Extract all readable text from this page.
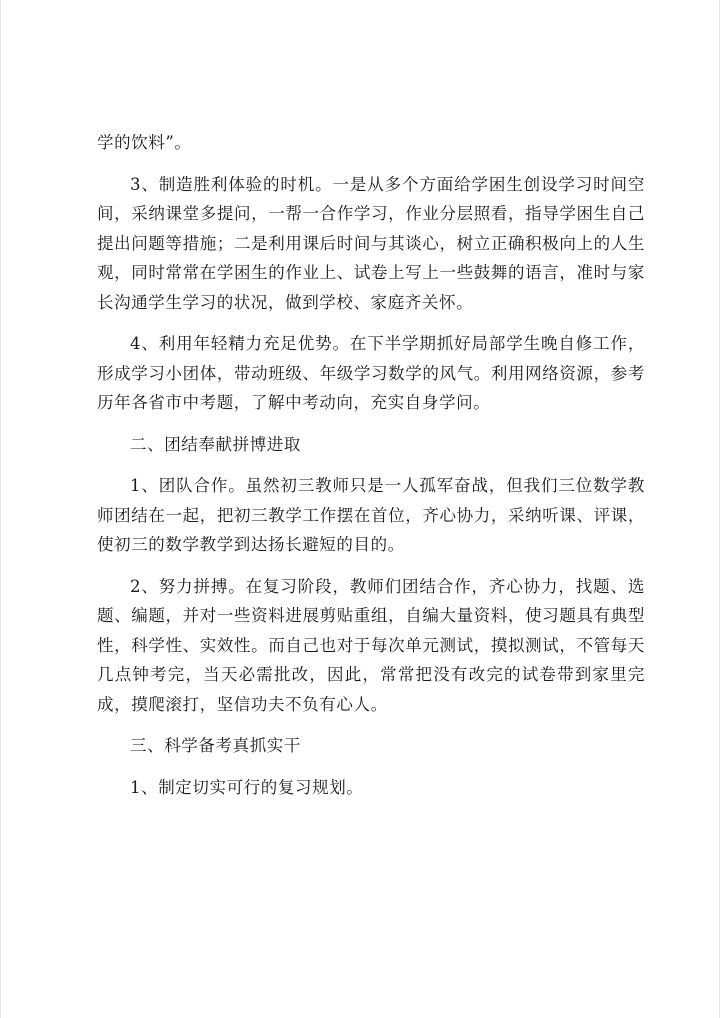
学的饮料”。

3、制造胜利体验的时机。一是从多个方面给学困生创设学习时间空间，采纳课堂多提问，一帮一合作学习，作业分层照看，指导学困生自己提出问题等措施；二是利用课后时间与其谈心，树立正确积极向上的人生观，同时常常在学困生的作业上、试卷上写上一些鼓舞的语言，准时与家长沟通学生学习的状况，做到学校、家庭齐关怀。

4、利用年轻精力充足优势。在下半学期抓好局部学生晚自修工作，形成学习小团体，带动班级、年级学习数学的风气。利用网络资源，参考历年各省市中考题，了解中考动向，充实自身学问。

二、团结奉献拼博进取

1、团队合作。虽然初三教师只是一人孤军奋战，但我们三位数学教师团结在一起，把初三教学工作摆在首位，齐心协力，采纳听课、评课，使初三的数学教学到达扬长避短的目的。

2、努力拼搏。在复习阶段，教师们团结合作，齐心协力，找题、选题、编题，并对一些资料进展剪贴重组，自编大量资料，使习题具有典型性，科学性、实效性。而自己也对于每次单元测试，摸拟测试，不管每天几点钟考完，当天必需批改，因此，常常把没有改完的试卷带到家里完成，摸爬滚打，坚信功夫不负有心人。

三、科学备考真抓实干

1、制定切实可行的复习规划。
